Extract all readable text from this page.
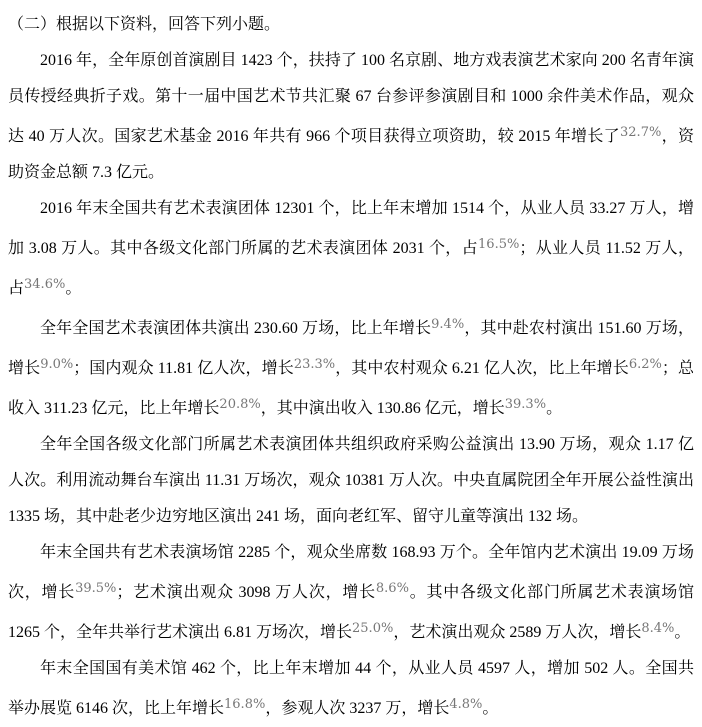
（二）根据以下资料，回答下列小题。

2016 年，全年原创首演剧目 1423 个，扶持了 100 名京剧、地方戏表演艺术家向 200 名青年演员传授经典折子戏。第十一届中国艺术节共汇聚 67 台参评参演剧目和 1000 余件美术作品，观众达 40 万人次。国家艺术基金 2016 年共有 966 个项目获得立项资助，较 2015 年增长了$^{32.7\%}$，资助资金总额 7.3 亿元。

2016 年末全国共有艺术表演团体 12301 个，比上年末增加 1514 个，从业人员 33.27 万人，增加 3.08 万人。其中各级文化部门所属的艺术表演团体 2031 个，占$^{16.5\%}$；从业人员 11.52 万人，占$^{34.6\%}$。

全年全国艺术表演团体共演出 230.60 万场，比上年增长$^{9.4\%}$，其中赴农村演出 151.60 万场，增长$^{9.0\%}$；国内观众 11.81 亿人次，增长$^{23.3\%}$，其中农村观众 6.21 亿人次，比上年增长$^{6.2\%}$；总收入 311.23 亿元，比上年增长$^{20.8\%}$，其中演出收入 130.86 亿元，增长$^{39.3\%}$。

全年全国各级文化部门所属艺术表演团体共组织政府采购公益演出 13.90 万场，观众 1.17 亿人次。利用流动舞台车演出 11.31 万场次，观众 10381 万人次。中央直属院团全年开展公益性演出 1335 场，其中赴老少边穷地区演出 241 场，面向老红军、留守儿童等演出 132 场。

年末全国共有艺术表演场馆 2285 个，观众坐席数 168.93 万个。全年馆内艺术演出 19.09 万场次，增长$^{39.5\%}$；艺术演出观众 3098 万人次，增长$^{8.6\%}$。其中各级文化部门所属艺术表演场馆 1265 个，全年共举行艺术演出 6.81 万场次，增长$^{25.0\%}$，艺术演出观众 2589 万人次，增长$^{8.4\%}$。

年末全国国有美术馆 462 个，比上年末增加 44 个，从业人员 4597 人，增加 502 人。全国共举办展览 6146 次，比上年增长$^{16.8\%}$，参观人次 3237 万，增长$^{4.8\%}$。
